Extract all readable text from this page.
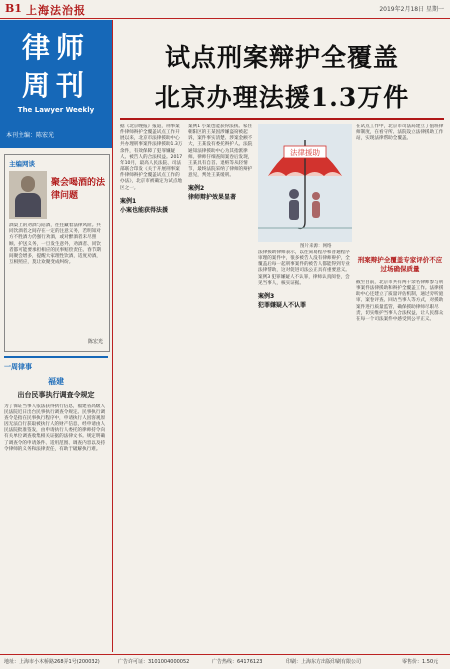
B1 上海法治报	2019年2月18日 星期一
律师
周刊
The Lawyer Weekly
本刊主编：陈宏光
主编网谈
聚会喝酒的法律问题
酒桌上的劝酒与陪酒，往往藏着法律风险。共同饮酒者之间存在一定的注意义务，若明知对方不胜酒力仍强行劝酒，或对醉酒者未尽照顾、护送义务，一旦发生意外，劝酒者、同饮者都可能要承担相应的民事赔偿责任。春节期间聚会增多，提醒大家理性饮酒，适度劝酒，互相照应，莫让欢聚变成纠纷。
陈宏光
一周律事
福建
出台民事执行调查令规定
为了保证当事人依法获得执行信息，福建省高级人民法院近日出台民事执行调查令规定。民事执行调查令是指在民事执行程序中，申请执行人因客观原因无法自行获取被执行人的财产信息，经申请由人民法院批准签发，由申请执行人委托的律师持令向有关单位调查收集相关证据的法律文书。规定明确了调查令的申请条件、适用范围、调查内容以及持令律师的义务和法律责任，有助于破解执行难。
试点刑案辩护全覆盖
北京办理法援1.3万件
据《北京晚报》报道，刑事案件律师辩护全覆盖试点工作开展以来，北京市法律援助中心共办理刑事案件法律援助1.3万余件，有效保障了犯罪嫌疑人、被告人的合法权益。2017年10月，最高人民法院、司法部联合印发《关于开展刑事案件律师辩护全覆盖试点工作的办法》，北京市被确定为试点地区之一。
案例1
小案也能获得法援
案例1 小案也能获得法援。家住朝阳区的王某因涉嫌盗窃被起诉，案件事实清楚、涉案金额不大，王某没有委托辩护人。法院通知法律援助中心为其指派律师。律师仔细查阅案卷后发现，王某具有自首、退赃等从轻情节，最终法院采纳了律师的辩护意见，判处王某缓刑。
案例2
律师辩护效果显著
法律援助
图片来源：网络
法律援助律师表示，以往简易程序和普通程序审理的案件中，很多被告人没有律师辩护，全覆盖后每一起刑事案件的被告人都能得到专业法律帮助，这对促进司法公正具有重要意义。案例3 犯罪嫌疑人不认罪，律师认真阅卷，会见当事人，核实证据。
案例3
犯罪嫌疑人不认罪
在试点工作中，北京市司法局建立了值班律师制度，在看守所、法院设立法律援助工作站，实现法律帮助全覆盖。
刑案辩护全覆盖专家评价不应过场确保质量
截至目前，北京市共有两千余名律师参与刑事案件法律援助和辩护全覆盖工作。法律援助中心还建立了质量评估机制，通过旁听庭审、案卷评查、回访当事人等方式，对援助案件进行质量监管，确保援助律师尽职尽责，切实维护当事人合法权益，让人民群众在每一个司法案件中感受到公平正义。
地址：上海市小木桥路268弄1号(200032)	广告许可证：3101004000052	广告热线：64176123	印刷：上海东方出版印刷有限公司	零售价：1.50元
